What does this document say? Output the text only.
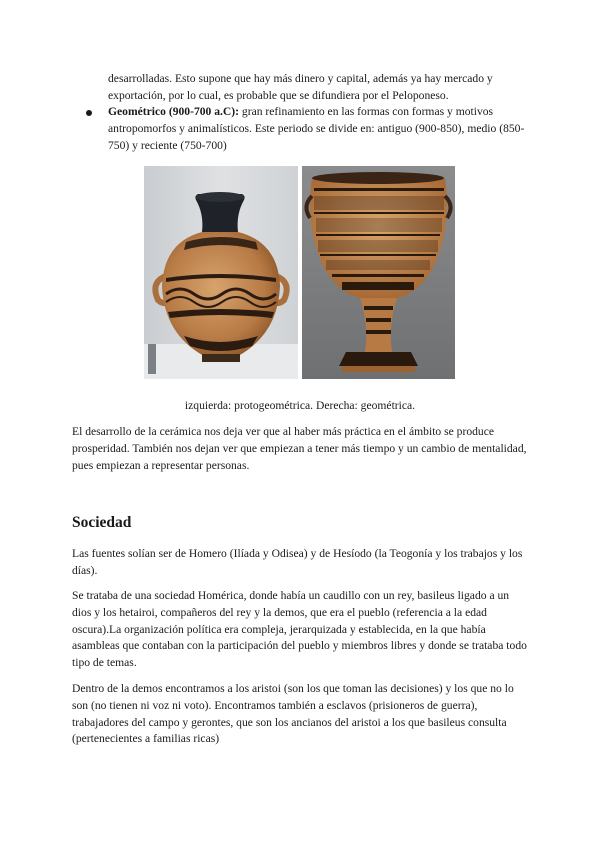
desarrolladas. Esto supone que hay más dinero y capital, además ya hay mercado y exportación, por lo cual, es probable que se difundiera por el Peloponeso.

Geométrico (900-700 a.C): gran refinamiento en las formas con formas y motivos antropomorfos y animalísticos. Este periodo se divide en: antiguo (900-850), medio (850-750) y reciente (750-700)

izquierda: protogeométrica. Derecha: geométrica.

El desarrollo de la cerámica nos deja ver que al haber más práctica en el ámbito se produce prosperidad. También nos dejan ver que empiezan a tener más tiempo y un cambio de mentalidad, pues empiezan a representar personas.

Sociedad

Las fuentes solían ser de Homero (Ilíada y Odisea) y de Hesíodo (la Teogonía y los trabajos y los días).

Se trataba de una sociedad Homérica, donde había un caudillo con un rey, basileus ligado a un dios y los hetairoi, compañeros del rey y la demos, que era el pueblo (referencia a la edad oscura).La organización política era compleja, jerarquizada y establecida, en la que había asambleas que contaban con la participación del pueblo y miembros libres y donde se trataba todo tipo de temas.

Dentro de la demos encontramos a los aristoi (son los que toman las decisiones) y los que no lo son (no tienen ni voz ni voto). Encontramos también a esclavos (prisioneros de guerra), trabajadores del campo y gerontes, que son los ancianos del aristoi a los que basileus consulta (pertenecientes a familias ricas)
